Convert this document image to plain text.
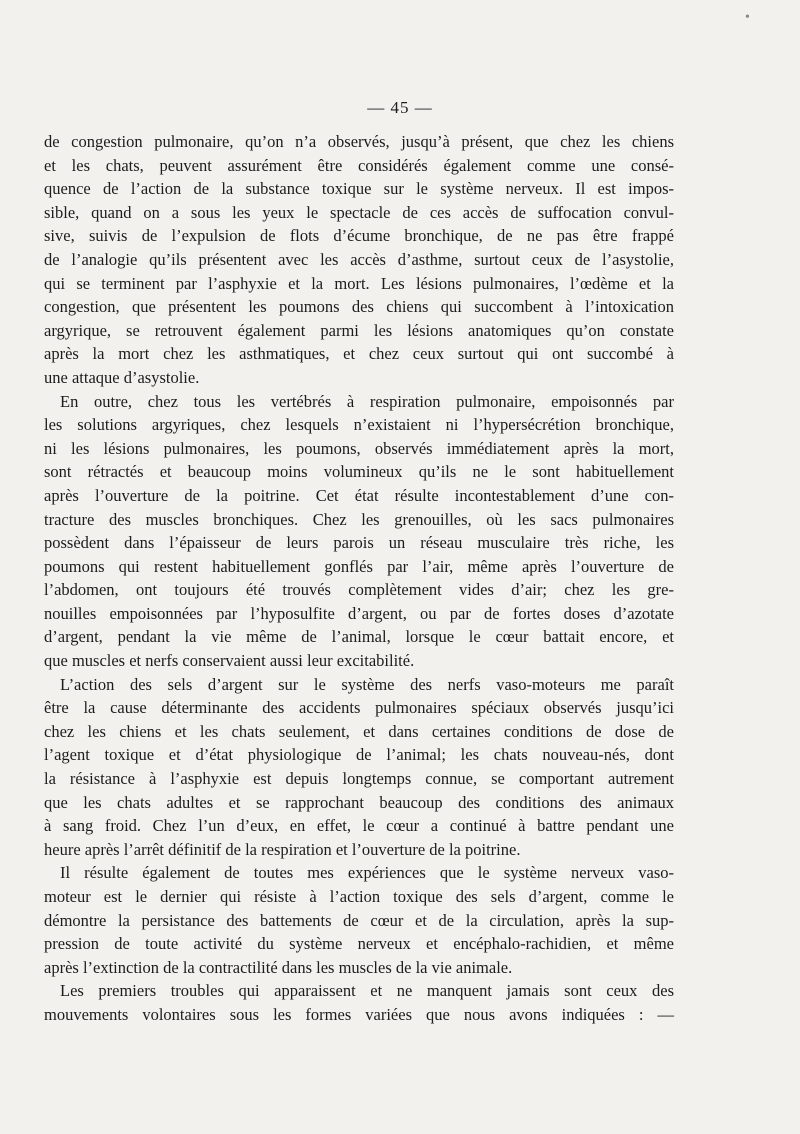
— 45 —
de congestion pulmonaire, qu’on n’a observés, jusqu’à présent, que chez les chiens
et les chats, peuvent assurément être considérés également comme une consé-
quence de l’action de la substance toxique sur le système nerveux. Il est impos-
sible, quand on a sous les yeux le spectacle de ces accès de suffocation convul-
sive, suivis de l’expulsion de flots d’écume bronchique, de ne pas être frappé
de l’analogie qu’ils présentent avec les accès d’asthme, surtout ceux de l’asystolie,
qui se terminent par l’asphyxie et la mort. Les lésions pulmonaires, l’œdème et la
congestion, que présentent les poumons des chiens qui succombent à l’intoxication
argyrique, se retrouvent également parmi les lésions anatomiques qu’on constate
après la mort chez les asthmatiques, et chez ceux surtout qui ont succombé à
une attaque d’asystolie.
En outre, chez tous les vertébrés à respiration pulmonaire, empoisonnés par
les solutions argyriques, chez lesquels n’existaient ni l’hypersécrétion bronchique,
ni les lésions pulmonaires, les poumons, observés immédiatement après la mort,
sont rétractés et beaucoup moins volumineux qu’ils ne le sont habituellement
après l’ouverture de la poitrine. Cet état résulte incontestablement d’une con-
tracture des muscles bronchiques. Chez les grenouilles, où les sacs pulmonaires
possèdent dans l’épaisseur de leurs parois un réseau musculaire très riche, les
poumons qui restent habituellement gonflés par l’air, même après l’ouverture de
l’abdomen, ont toujours été trouvés complètement vides d’air; chez les gre-
nouilles empoisonnées par l’hyposulfite d’argent, ou par de fortes doses d’azotate
d’argent, pendant la vie même de l’animal, lorsque le cœur battait encore, et
que muscles et nerfs conservaient aussi leur excitabilité.
L’action des sels d’argent sur le système des nerfs vaso-moteurs me paraît
être la cause déterminante des accidents pulmonaires spéciaux observés jusqu’ici
chez les chiens et les chats seulement, et dans certaines conditions de dose de
l’agent toxique et d’état physiologique de l’animal; les chats nouveau-nés, dont
la résistance à l’asphyxie est depuis longtemps connue, se comportant autrement
que les chats adultes et se rapprochant beaucoup des conditions des animaux
à sang froid. Chez l’un d’eux, en effet, le cœur a continué à battre pendant une
heure après l’arrêt définitif de la respiration et l’ouverture de la poitrine.
Il résulte également de toutes mes expériences que le système nerveux vaso-
moteur est le dernier qui résiste à l’action toxique des sels d’argent, comme le
démontre la persistance des battements de cœur et de la circulation, après la sup-
pression de toute activité du système nerveux et encéphalo-rachidien, et même
après l’extinction de la contractilité dans les muscles de la vie animale.
Les premiers troubles qui apparaissent et ne manquent jamais sont ceux des
mouvements volontaires sous les formes variées que nous avons indiquées : —
•
